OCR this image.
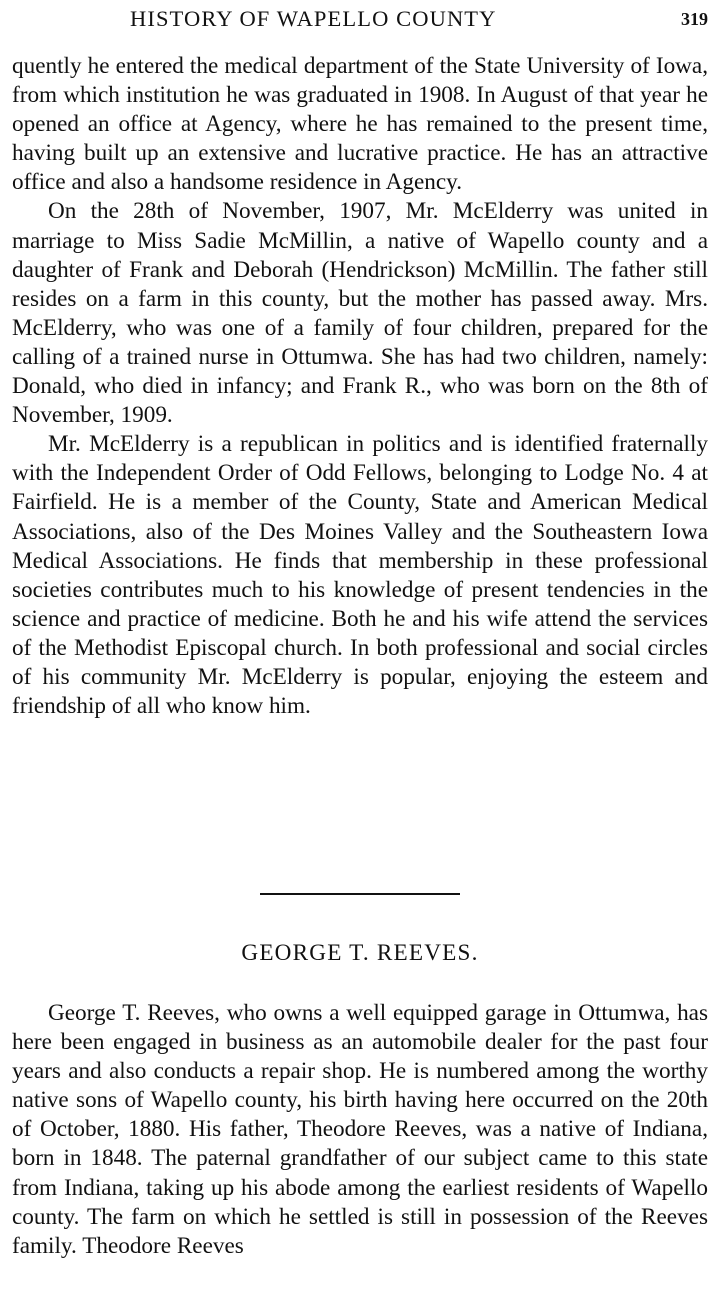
HISTORY OF WAPELLO COUNTY	319

quently he entered the medical department of the State University of Iowa, from which institution he was graduated in 1908. In August of that year he opened an office at Agency, where he has remained to the present time, having built up an extensive and lucrative practice. He has an attractive office and also a handsome residence in Agency.

On the 28th of November, 1907, Mr. McElderry was united in marriage to Miss Sadie McMillin, a native of Wapello county and a daughter of Frank and Deborah (Hendrickson) McMillin. The father still resides on a farm in this county, but the mother has passed away. Mrs. McElderry, who was one of a family of four children, prepared for the calling of a trained nurse in Ottumwa. She has had two children, namely: Donald, who died in infancy; and Frank R., who was born on the 8th of November, 1909.

Mr. McElderry is a republican in politics and is identified fraternally with the Independent Order of Odd Fellows, belonging to Lodge No. 4 at Fairfield. He is a member of the County, State and American Medical Associations, also of the Des Moines Valley and the Southeastern Iowa Medical Associations. He finds that membership in these professional societies contributes much to his knowledge of present tendencies in the science and practice of medicine. Both he and his wife attend the services of the Methodist Episcopal church. In both professional and social circles of his community Mr. McElderry is popular, enjoying the esteem and friendship of all who know him.

GEORGE T. REEVES.

George T. Reeves, who owns a well equipped garage in Ottumwa, has here been engaged in business as an automobile dealer for the past four years and also conducts a repair shop. He is numbered among the worthy native sons of Wapello county, his birth having here occurred on the 20th of October, 1880. His father, Theodore Reeves, was a native of Indiana, born in 1848. The paternal grandfather of our subject came to this state from Indiana, taking up his abode among the earliest residents of Wapello county. The farm on which he settled is still in possession of the Reeves family. Theodore Reeves
